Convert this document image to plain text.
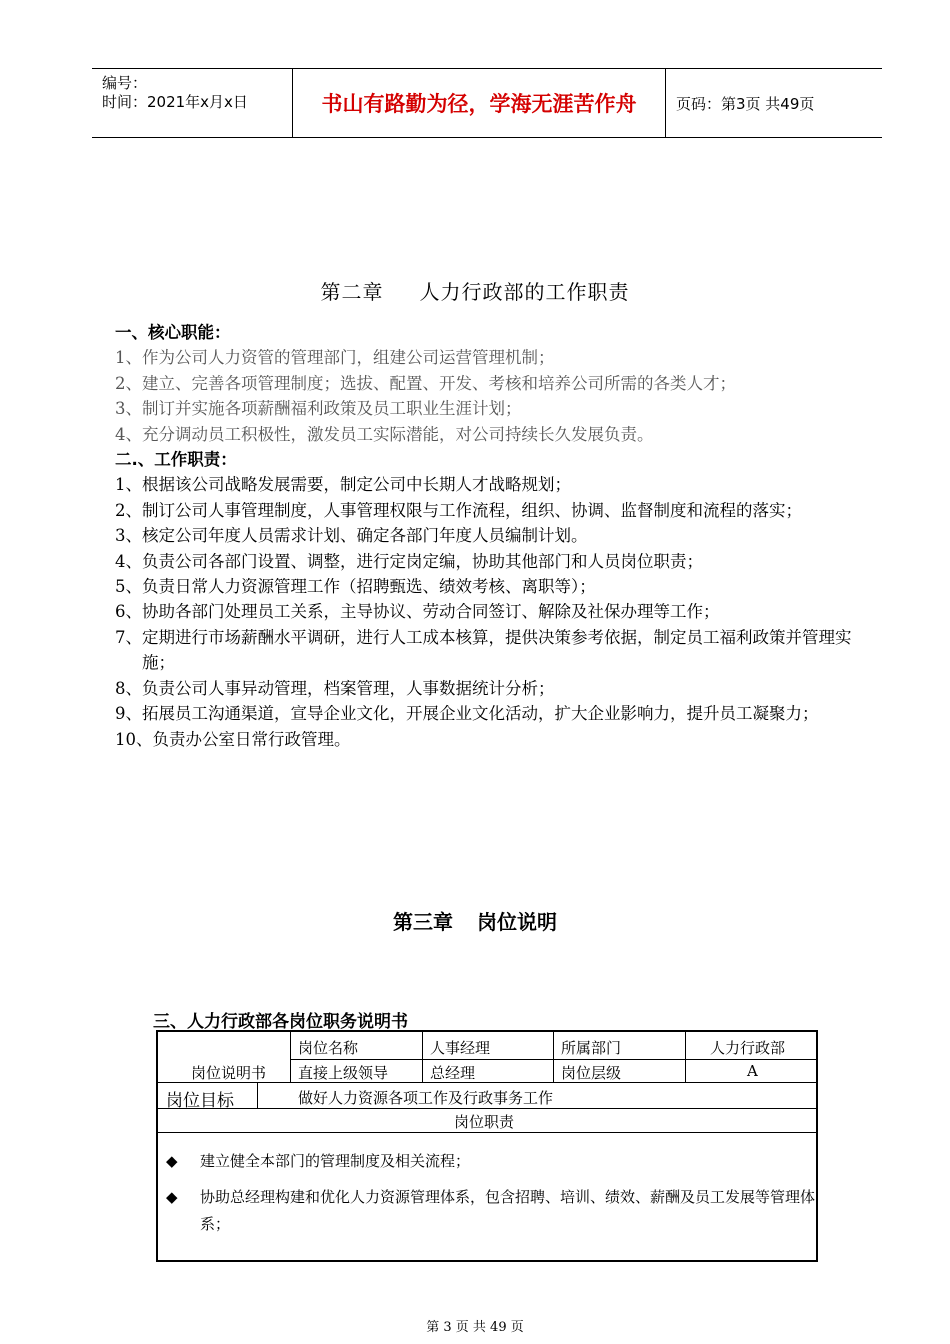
编号：
时间：2021年x月x日	书山有路勤为径，学海无涯苦作舟	页码：第3页 共49页
第二章 人力行政部的工作职责

一、核心职能：

1、作为公司人力资管的管理部门，组建公司运营管理机制；

2、建立、完善各项管理制度；选拔、配置、开发、考核和培养公司所需的各类人才；

3、制订并实施各项薪酬福利政策及员工职业生涯计划；

4、充分调动员工积极性，激发员工实际潜能，对公司持续长久发展负责。

二.、工作职责：

1、根据该公司战略发展需要，制定公司中长期人才战略规划；

2、制订公司人事管理制度，人事管理权限与工作流程，组织、协调、监督制度和流程的落实；

3、核定公司年度人员需求计划、确定各部门年度人员编制计划。

4、负责公司各部门设置、调整，进行定岗定编，协助其他部门和人员岗位职责；

5、负责日常人力资源管理工作（招聘甄选、绩效考核、离职等）；

6、协助各部门处理员工关系，主导协议、劳动合同签订、解除及社保办理等工作；

7、定期进行市场薪酬水平调研，进行人工成本核算，提供决策参考依据，制定员工福利政策并管理实施；

8、负责公司人事异动管理，档案管理，人事数据统计分析；

9、拓展员工沟通渠道，宣导企业文化，开展企业文化活动，扩大企业影响力，提升员工凝聚力；

10、负责办公室日常行政管理。

第三章 岗位说明
三、人力行政部各岗位职务说明书
岗位说明书
岗位名称	人事经理	所属部门	人力行政部
直接上级领导	总经理	岗位层级	A
岗位目标	做好人力资源各项工作及行政事务工作
岗位职责
◆ 建立健全本部门的管理制度及相关流程；
◆ 协助总经理构建和优化人力资源管理体系，包含招聘、培训、绩效、薪酬及员工发展等管理体系；
第 3 页 共 49 页
